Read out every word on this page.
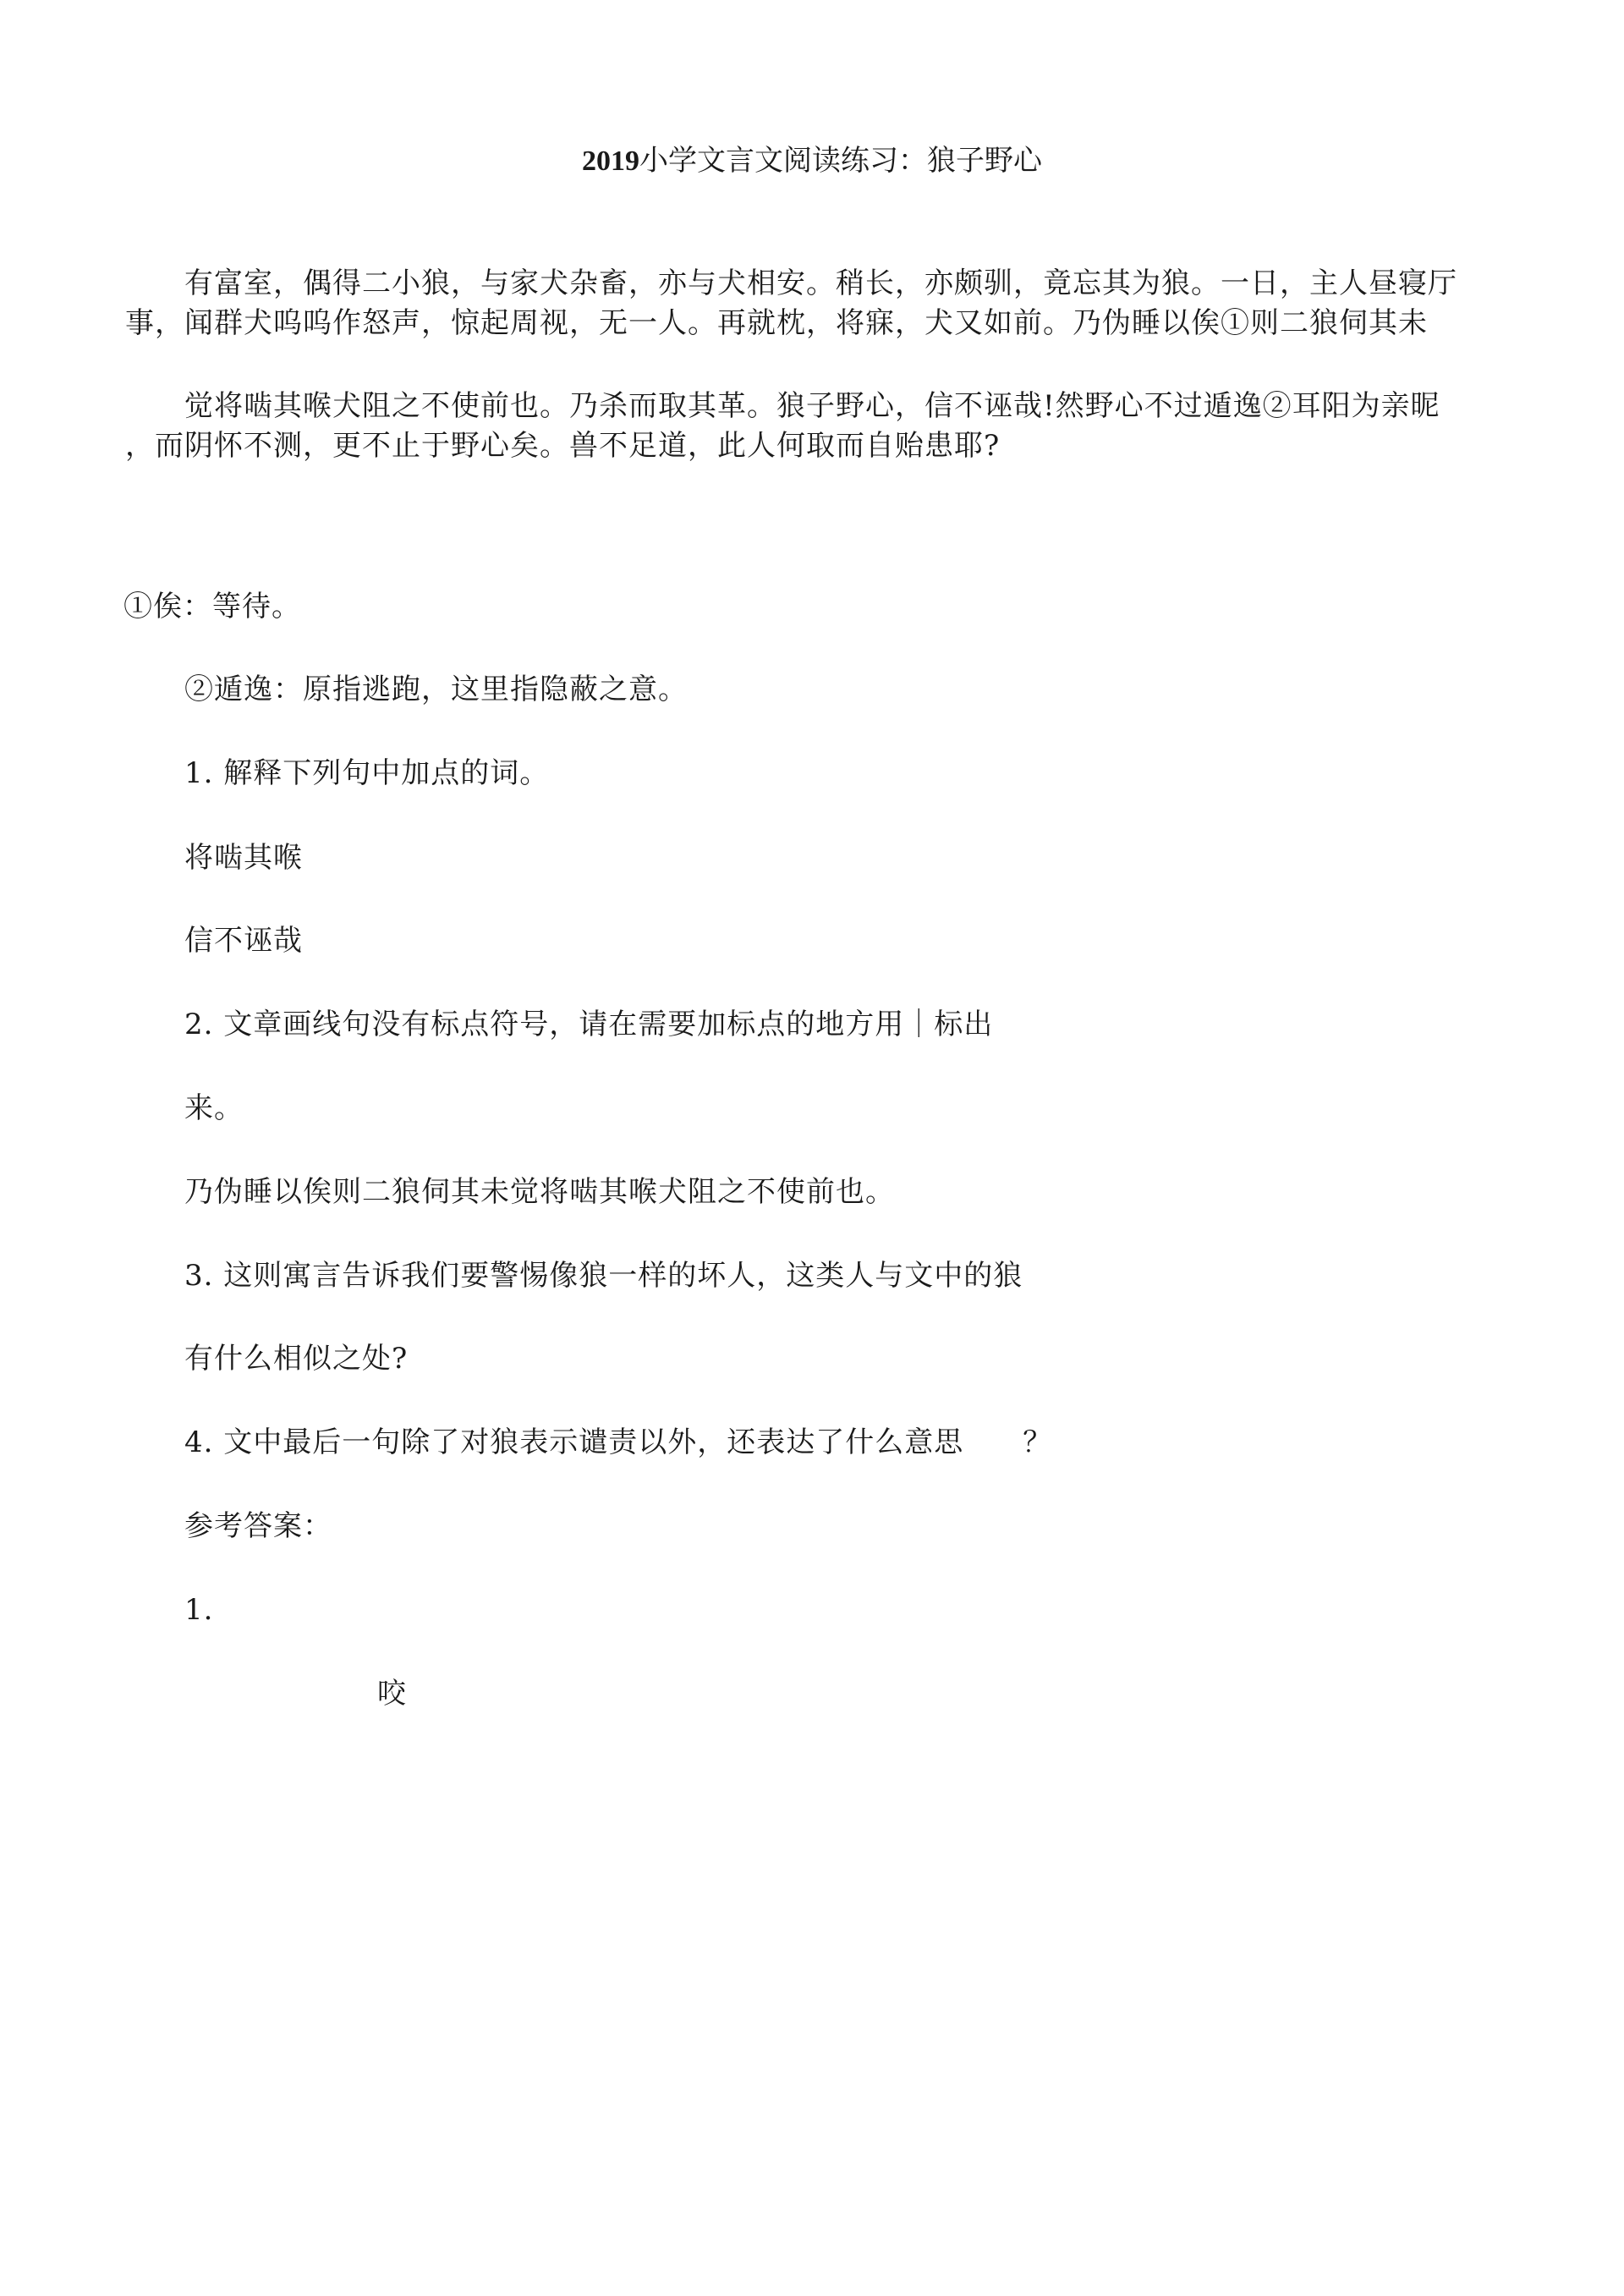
2019小学文言文阅读练习：狼子野心
有富室，偶得二小狼，与家犬杂畜，亦与犬相安。稍长，亦颇驯，竟忘其为狼。一日，主人昼寝厅
事，闻群犬呜呜作怒声，惊起周视，无一人。再就枕，将寐，犬又如前。乃伪睡以俟①则二狼伺其未
觉将啮其喉犬阻之不使前也。乃杀而取其革。狼子野心，信不诬哉!然野心不过遁逸②耳阳为亲昵
，而阴怀不测，更不止于野心矣。兽不足道，此人何取而自贻患耶?
①俟：等待。
②遁逸：原指逃跑，这里指隐蔽之意。
1. 解释下列句中加点的词。
将啮其喉
信不诬哉
2. 文章画线句没有标点符号，请在需要加标点的地方用｜标出
来。
乃伪睡以俟则二狼伺其未觉将啮其喉犬阻之不使前也。
3. 这则寓言告诉我们要警惕像狼一样的坏人，这类人与文中的狼
有什么相似之处?
4. 文中最后一句除了对狼表示谴责以外，还表达了什么意思　　？
参考答案：
1.
咬
